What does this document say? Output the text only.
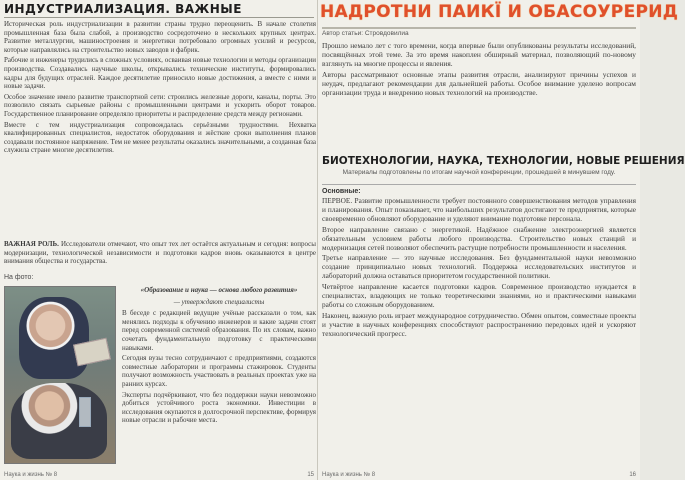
ИНДУСТРИАЛИЗАЦИЯ. ВАЖНЫЕ

Историческая роль индустриализации в развитии страны трудно переоценить. В начале столетия промышленная база была слабой, а производство сосредоточено в нескольких крупных центрах. Развитие металлургии, машиностроения и энергетики потребовало огромных усилий и ресурсов, которые направлялись на строительство новых заводов и фабрик.

Рабочие и инженеры трудились в сложных условиях, осваивая новые технологии и методы организации производства. Создавались научные школы, открывались технические институты, формировались кадры для будущих отраслей. Каждое десятилетие приносило новые достижения, а вместе с ними и новые задачи.

Особое значение имело развитие транспортной сети: строились железные дороги, каналы, порты. Это позволило связать сырьевые районы с промышленными центрами и ускорить оборот товаров. Государственное планирование определяло приоритеты и распределение средств между регионами.

Вместе с тем индустриализация сопровождалась серьёзными трудностями. Нехватка квалифицированных специалистов, недостаток оборудования и жёсткие сроки выполнения планов создавали постоянное напряжение. Тем не менее результаты оказались значительными, а созданная база служила стране многие десятилетия.

ВАЖНАЯ РОЛЬ. Исследователи отмечают, что опыт тех лет остаётся актуальным и сегодня: вопросы модернизации, технологической независимости и подготовки кадров вновь оказываются в центре внимания общества и государства.
На фото:
«Образование и наука — основа любого развития»
— утверждают специалисты

В беседе с редакцией ведущие учёные рассказали о том, как менялись подходы к обучению инженеров и какие задачи стоят перед современной системой образования. По их словам, важно сочетать фундаментальную подготовку с практическими навыками.

Сегодня вузы тесно сотрудничают с предприятиями, создаются совместные лаборатории и программы стажировок. Студенты получают возможность участвовать в реальных проектах уже на ранних курсах.

Эксперты подчёркивают, что без поддержки науки невозможно добиться устойчивого роста экономики. Инвестиции в исследования окупаются в долгосрочной перспективе, формируя новые отрасли и рабочие места.

Наука и жизнь № 8	15
НАДРОТНИ ПАИКЇ И ОБАСОУРЕРИД
Автор статьи: Стровдовилиа

Прошло немало лет с того времени, когда впервые были опубликованы результаты исследований, посвящённых этой теме. За это время накоплен обширный материал, позволяющий по-новому взглянуть на многие процессы и явления.

Авторы рассматривают основные этапы развития отрасли, анализируют причины успехов и неудач, предлагают рекомендации для дальнейшей работы. Особое внимание уделено вопросам организации труда и внедрению новых технологий на производстве.

БИОТЕХНОЛОГИИ, НАУКА, ТЕХНОЛОГИИ, НОВЫЕ РЕШЕНИЯ
Материалы подготовлены по итогам научной конференции, прошедшей в минувшем году.
Основные:

ПЕРВОЕ. Развитие промышленности требует постоянного совершенствования методов управления и планирования. Опыт показывает, что наибольших результатов достигают те предприятия, которые своевременно обновляют оборудование и уделяют внимание подготовке персонала.

Второе направление связано с энергетикой. Надёжное снабжение электроэнергией является обязательным условием работы любого производства. Строительство новых станций и модернизация сетей позволяют обеспечить растущие потребности промышленности и населения.

Третье направление — это научные исследования. Без фундаментальной науки невозможно создание принципиально новых технологий. Поддержка исследовательских институтов и лабораторий должна оставаться приоритетом государственной политики.

Четвёртое направление касается подготовки кадров. Современное производство нуждается в специалистах, владеющих не только теоретическими знаниями, но и практическими навыками работы со сложным оборудованием.

Наконец, важную роль играет международное сотрудничество. Обмен опытом, совместные проекты и участие в научных конференциях способствуют распространению передовых идей и ускоряют технологический прогресс.

Наука и жизнь № 8	16
